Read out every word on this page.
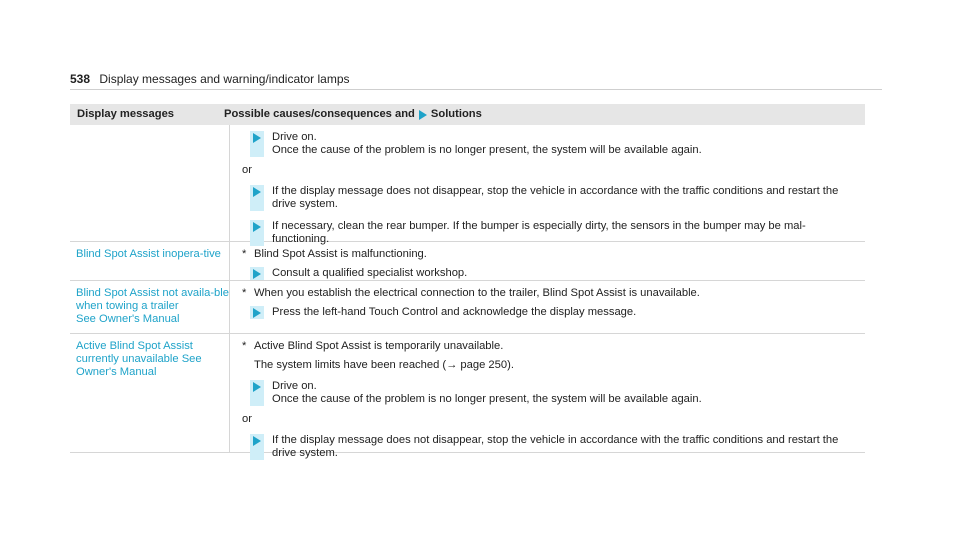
538 Display messages and warning/indicator lamps
Display messages	Possible causes/consequences and Solutions
Drive on.
Once the cause of the problem is no longer present, the system will be available again.
or
If the display message does not disappear, stop the vehicle in accordance with the traffic conditions and restart the drive system.
If necessary, clean the rear bumper. If the bumper is especially dirty, the sensors in the bumper may be mal-functioning.
Blind Spot Assist inopera-tive	* Blind Spot Assist is malfunctioning.
Consult a qualified specialist workshop.
Blind Spot Assist not availa-ble when towing a trailer
See Owner's Manual
* When you establish the electrical connection to the trailer, Blind Spot Assist is unavailable.
Press the left-hand Touch Control and acknowledge the display message.
Active Blind Spot Assist currently unavailable See Owner's Manual
* Active Blind Spot Assist is temporarily unavailable.
The system limits have been reached (→ page 250).
Drive on.
Once the cause of the problem is no longer present, the system will be available again.
or
If the display message does not disappear, stop the vehicle in accordance with the traffic conditions and restart the drive system.
